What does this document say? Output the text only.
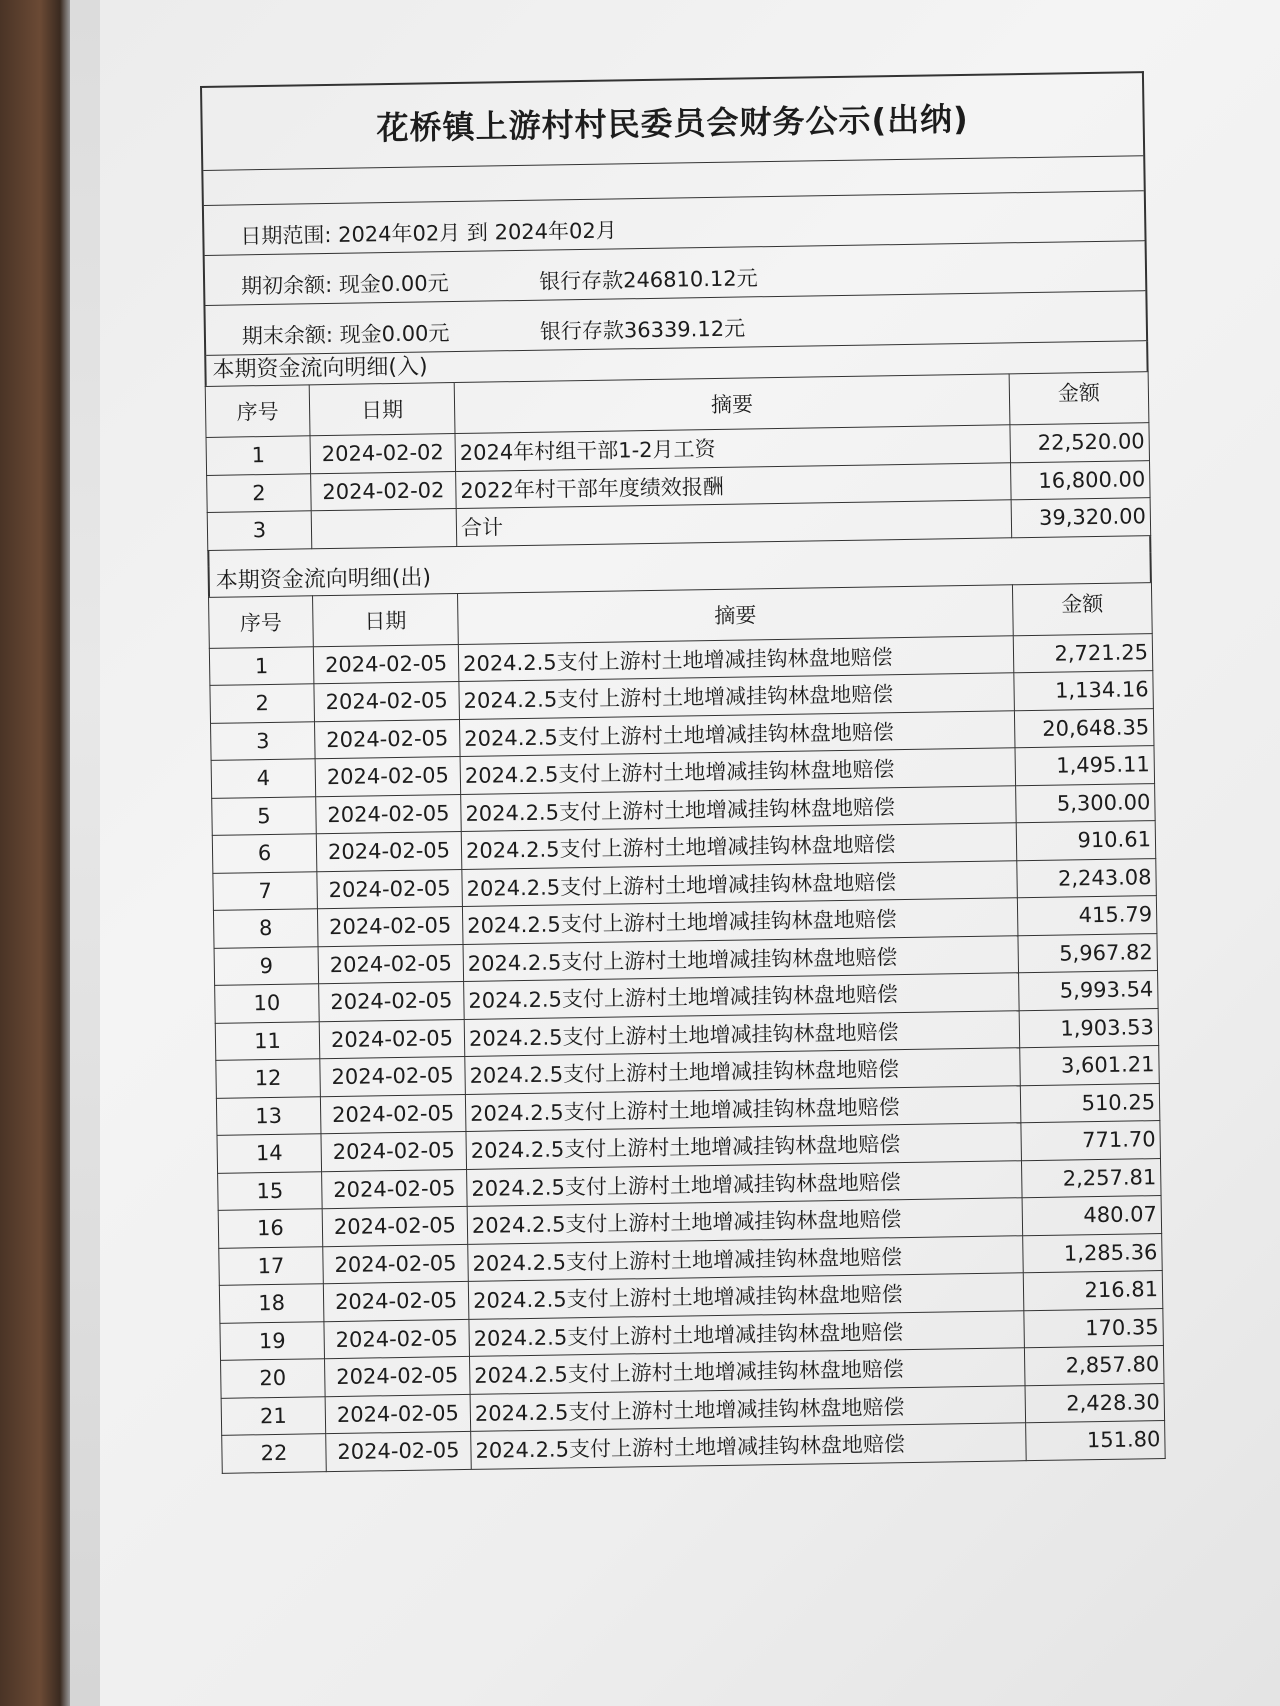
花桥镇上游村村民委员会财务公示(出纳)
日期范围: 2024年02月 到 2024年02月
期初余额: 现金0.00元	银行存款246810.12元
期末余额: 现金0.00元	银行存款36339.12元
本期资金流向明细(入)
序号	日期	摘要	金额
1	2024-02-02	2024年村组干部1-2月工资	22,520.00
2	2024-02-02	2022年村干部年度绩效报酬	16,800.00
3		合计	39,320.00
本期资金流向明细(出)
序号	日期	摘要	金额
1	2024-02-05	2024.2.5支付上游村土地增减挂钩林盘地赔偿	2,721.25
2	2024-02-05	2024.2.5支付上游村土地增减挂钩林盘地赔偿	1,134.16
3	2024-02-05	2024.2.5支付上游村土地增减挂钩林盘地赔偿	20,648.35
4	2024-02-05	2024.2.5支付上游村土地增减挂钩林盘地赔偿	1,495.11
5	2024-02-05	2024.2.5支付上游村土地增减挂钩林盘地赔偿	5,300.00
6	2024-02-05	2024.2.5支付上游村土地增减挂钩林盘地赔偿	910.61
7	2024-02-05	2024.2.5支付上游村土地增减挂钩林盘地赔偿	2,243.08
8	2024-02-05	2024.2.5支付上游村土地增减挂钩林盘地赔偿	415.79
9	2024-02-05	2024.2.5支付上游村土地增减挂钩林盘地赔偿	5,967.82
10	2024-02-05	2024.2.5支付上游村土地增减挂钩林盘地赔偿	5,993.54
11	2024-02-05	2024.2.5支付上游村土地增减挂钩林盘地赔偿	1,903.53
12	2024-02-05	2024.2.5支付上游村土地增减挂钩林盘地赔偿	3,601.21
13	2024-02-05	2024.2.5支付上游村土地增减挂钩林盘地赔偿	510.25
14	2024-02-05	2024.2.5支付上游村土地增减挂钩林盘地赔偿	771.70
15	2024-02-05	2024.2.5支付上游村土地增减挂钩林盘地赔偿	2,257.81
16	2024-02-05	2024.2.5支付上游村土地增减挂钩林盘地赔偿	480.07
17	2024-02-05	2024.2.5支付上游村土地增减挂钩林盘地赔偿	1,285.36
18	2024-02-05	2024.2.5支付上游村土地增减挂钩林盘地赔偿	216.81
19	2024-02-05	2024.2.5支付上游村土地增减挂钩林盘地赔偿	170.35
20	2024-02-05	2024.2.5支付上游村土地增减挂钩林盘地赔偿	2,857.80
21	2024-02-05	2024.2.5支付上游村土地增减挂钩林盘地赔偿	2,428.30
22	2024-02-05	2024.2.5支付上游村土地增减挂钩林盘地赔偿	151.80
